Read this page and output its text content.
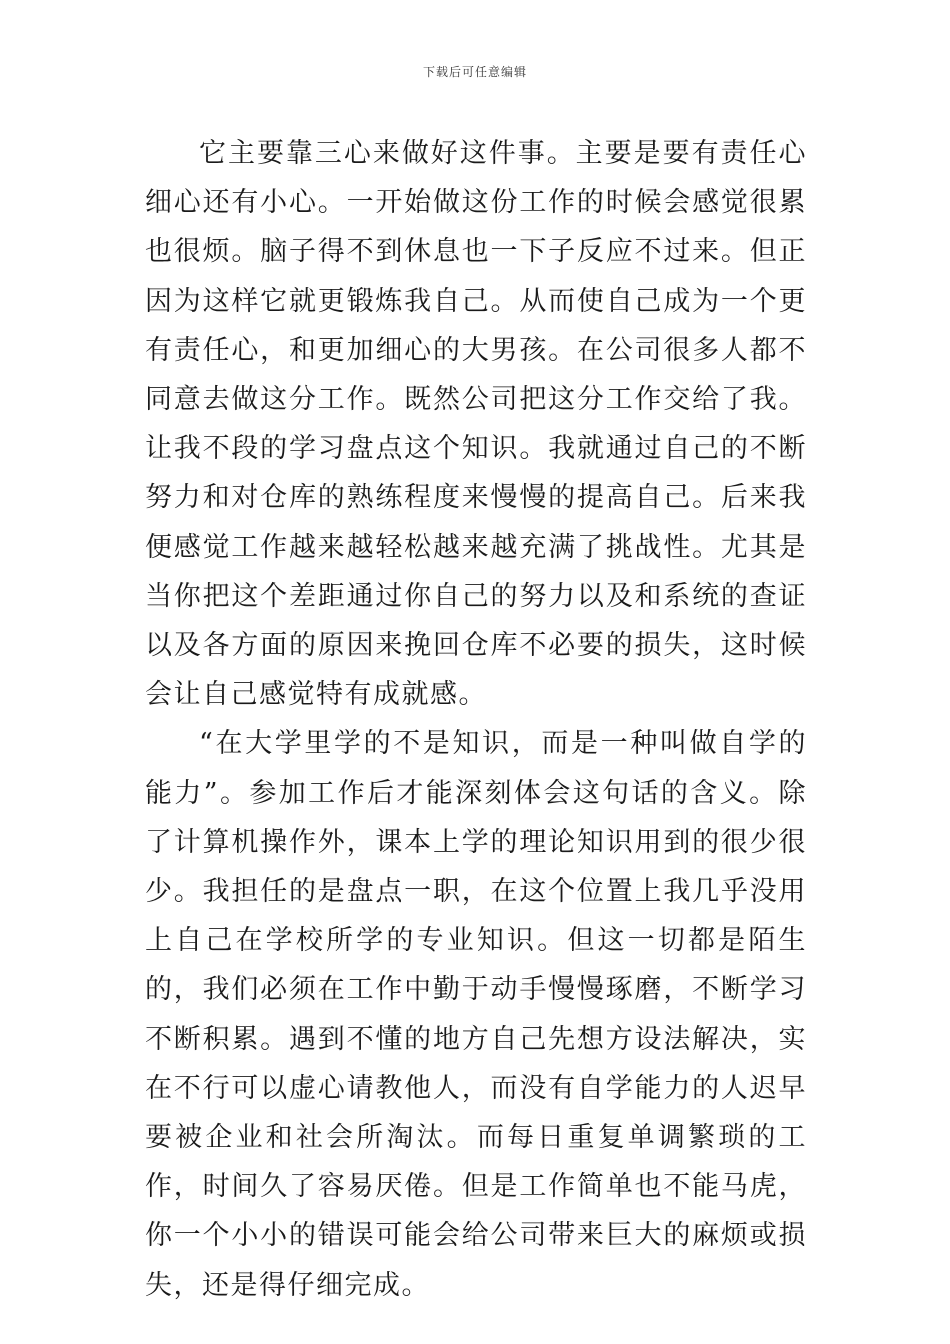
下载后可任意编辑

它主要靠三心来做好这件事。主要是要有责任心细心还有小心。一开始做这份工作的时候会感觉很累也很烦。脑子得不到休息也一下子反应不过来。但正因为这样它就更锻炼我自己。从而使自己成为一个更有责任心，和更加细心的大男孩。在公司很多人都不同意去做这分工作。既然公司把这分工作交给了我。让我不段的学习盘点这个知识。我就通过自己的不断努力和对仓库的熟练程度来慢慢的提高自己。后来我便感觉工作越来越轻松越来越充满了挑战性。尤其是当你把这个差距通过你自己的努力以及和系统的查证以及各方面的原因来挽回仓库不必要的损失，这时候会让自己感觉特有成就感。

“在大学里学的不是知识，而是一种叫做自学的能力”。参加工作后才能深刻体会这句话的含义。除了计算机操作外，课本上学的理论知识用到的很少很少。我担任的是盘点一职，在这个位置上我几乎没用上自己在学校所学的专业知识。但这一切都是陌生的，我们必须在工作中勤于动手慢慢琢磨，不断学习不断积累。遇到不懂的地方自己先想方设法解决，实在不行可以虚心请教他人，而没有自学能力的人迟早要被企业和社会所淘汰。而每日重复单调繁琐的工作，时间久了容易厌倦。但是工作简单也不能马虎，你一个小小的错误可能会给公司带来巨大的麻烦或损失，还是得仔细完成。
